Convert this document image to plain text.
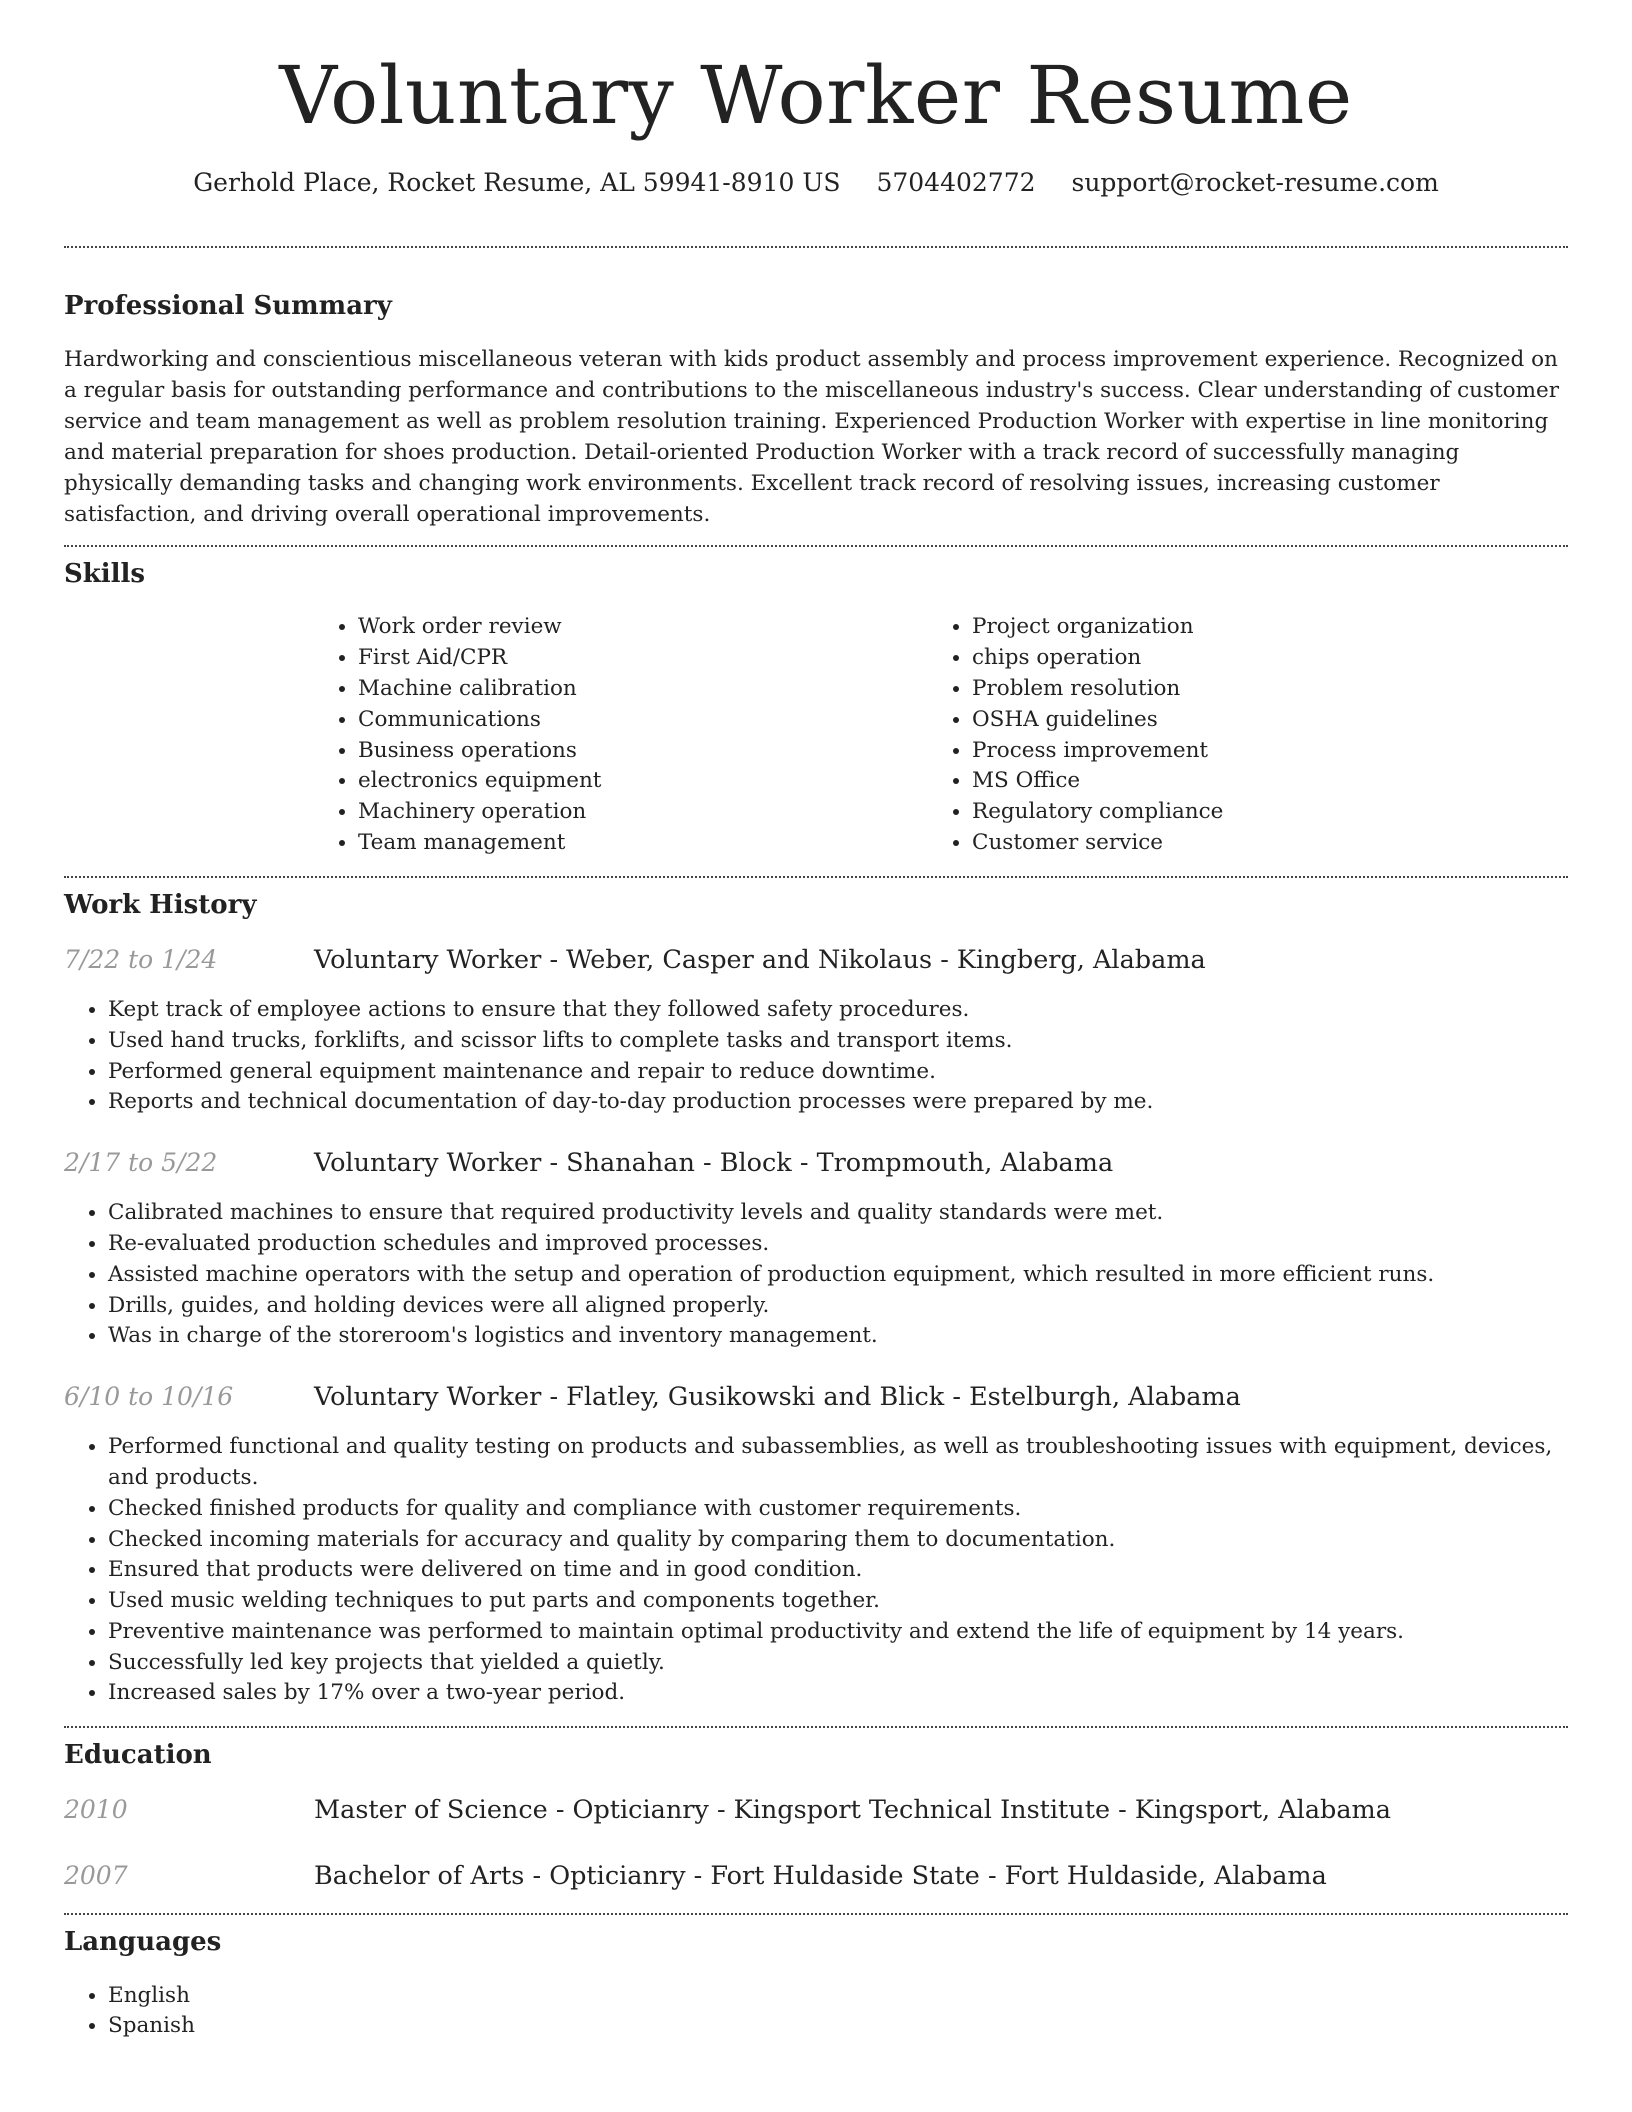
Voluntary Worker Resume
Gerhold Place, Rocket Resume, AL 59941-8910 US 5704402772 support@rocket-resume.com
Professional Summary

Hardworking and conscientious miscellaneous veteran with kids product assembly and process improvement experience. Recognized on a regular basis for outstanding performance and contributions to the miscellaneous industry's success. Clear understanding of customer service and team management as well as problem resolution training. Experienced Production Worker with expertise in line monitoring and material preparation for shoes production. Detail-oriented Production Worker with a track record of successfully managing physically demanding tasks and changing work environments. Excellent track record of resolving issues, increasing customer satisfaction, and driving overall operational improvements.

Skills
• Work order review
• First Aid/CPR
• Machine calibration
• Communications
• Business operations
• electronics equipment
• Machinery operation
• Team management
• Project organization
• chips operation
• Problem resolution
• OSHA guidelines
• Process improvement
• MS Office
• Regulatory compliance
• Customer service
Work History
7/22 to 1/24	Voluntary Worker - Weber, Casper and Nikolaus - Kingberg, Alabama
• Kept track of employee actions to ensure that they followed safety procedures.
• Used hand trucks, forklifts, and scissor lifts to complete tasks and transport items.
• Performed general equipment maintenance and repair to reduce downtime.
• Reports and technical documentation of day-to-day production processes were prepared by me.
2/17 to 5/22	Voluntary Worker - Shanahan - Block - Trompmouth, Alabama
• Calibrated machines to ensure that required productivity levels and quality standards were met.
• Re-evaluated production schedules and improved processes.
• Assisted machine operators with the setup and operation of production equipment, which resulted in more efficient runs.
• Drills, guides, and holding devices were all aligned properly.
• Was in charge of the storeroom's logistics and inventory management.
6/10 to 10/16	Voluntary Worker - Flatley, Gusikowski and Blick - Estelburgh, Alabama
• Performed functional and quality testing on products and subassemblies, as well as troubleshooting issues with equipment, devices, and products.
• Checked finished products for quality and compliance with customer requirements.
• Checked incoming materials for accuracy and quality by comparing them to documentation.
• Ensured that products were delivered on time and in good condition.
• Used music welding techniques to put parts and components together.
• Preventive maintenance was performed to maintain optimal productivity and extend the life of equipment by 14 years.
• Successfully led key projects that yielded a quietly.
• Increased sales by 17% over a two-year period.
Education
2010	Master of Science - Opticianry - Kingsport Technical Institute - Kingsport, Alabama
2007	Bachelor of Arts - Opticianry - Fort Huldaside State - Fort Huldaside, Alabama
Languages
• English
• Spanish
